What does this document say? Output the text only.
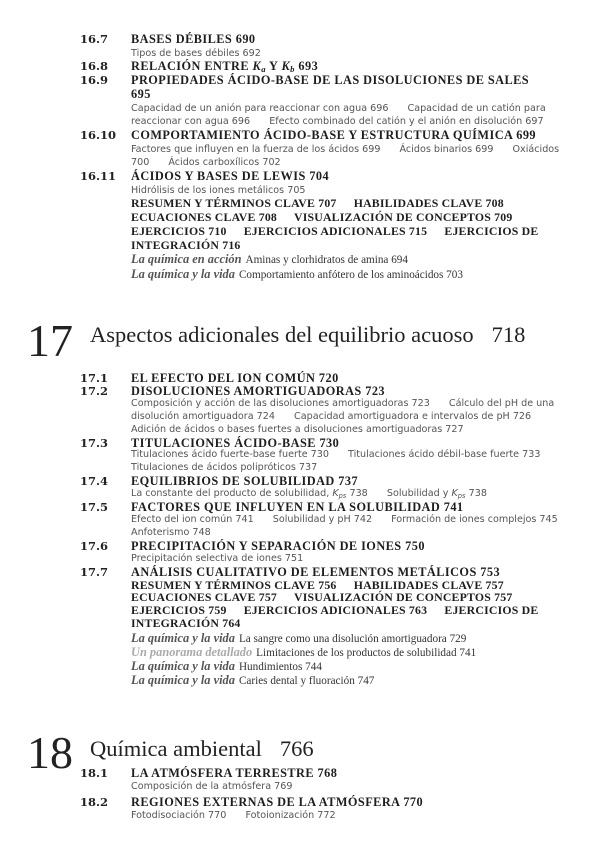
16.7 BASES DÉBILES 690
Tipos de bases débiles 692
16.8 RELACIÓN ENTRE $K_a$ Y $K_b$ 693
16.9 PROPIEDADES ÁCIDO-BASE DE LAS DISOLUCIONES DE SALES 695
Capacidad de un anión para reaccionar con agua 696 Capacidad de un catión para reaccionar con agua 696 Efecto combinado del catión y el anión en disolución 697
16.10 COMPORTAMIENTO ÁCIDO-BASE Y ESTRUCTURA QUÍMICA 699
Factores que influyen en la fuerza de los ácidos 699 Ácidos binarios 699 Oxiácidos 700 Ácidos carboxílicos 702
16.11 ÁCIDOS Y BASES DE LEWIS 704
Hidrólisis de los iones metálicos 705
RESUMEN Y TÉRMINOS CLAVE 707 HABILIDADES CLAVE 708 ECUACIONES CLAVE 708 VISUALIZACIÓN DE CONCEPTOS 709 EJERCICIOS 710 EJERCICIOS ADICIONALES 715 EJERCICIOS DE INTEGRACIÓN 716
La química en acción Aminas y clorhidratos de amina 694
La química y la vida Comportamiento anfótero de los aminoácidos 703
17 Aspectos adicionales del equilibrio acuoso 718
17.1 EL EFECTO DEL ION COMÚN 720
17.2 DISOLUCIONES AMORTIGUADORAS 723
Composición y acción de las disoluciones amortiguadoras 723 Cálculo del pH de una disolución amortiguadora 724 Capacidad amortiguadora e intervalos de pH 726 Adición de ácidos o bases fuertes a disoluciones amortiguadoras 727
17.3 TITULACIONES ÁCIDO-BASE 730
Titulaciones ácido fuerte-base fuerte 730 Titulaciones ácido débil-base fuerte 733 Titulaciones de ácidos polipróticos 737
17.4 EQUILIBRIOS DE SOLUBILIDAD 737
La constante del producto de solubilidad, $K_{ps}$ 738 Solubilidad y $K_{ps}$ 738
17.5 FACTORES QUE INFLUYEN EN LA SOLUBILIDAD 741
Efecto del ion común 741 Solubilidad y pH 742 Formación de iones complejos 745 Anfoterismo 748
17.6 PRECIPITACIÓN Y SEPARACIÓN DE IONES 750
Precipitación selectiva de iones 751
17.7 ANÁLISIS CUALITATIVO DE ELEMENTOS METÁLICOS 753
RESUMEN Y TÉRMINOS CLAVE 756 HABILIDADES CLAVE 757 ECUACIONES CLAVE 757 VISUALIZACIÓN DE CONCEPTOS 757 EJERCICIOS 759 EJERCICIOS ADICIONALES 763 EJERCICIOS DE INTEGRACIÓN 764
La química y la vida La sangre como una disolución amortiguadora 729
Un panorama detallado Limitaciones de los productos de solubilidad 741
La química y la vida Hundimientos 744
La química y la vida Caries dental y fluoración 747
18 Química ambiental 766
18.1 LA ATMÓSFERA TERRESTRE 768
Composición de la atmósfera 769
18.2 REGIONES EXTERNAS DE LA ATMÓSFERA 770
Fotodisociación 770 Fotoionización 772
